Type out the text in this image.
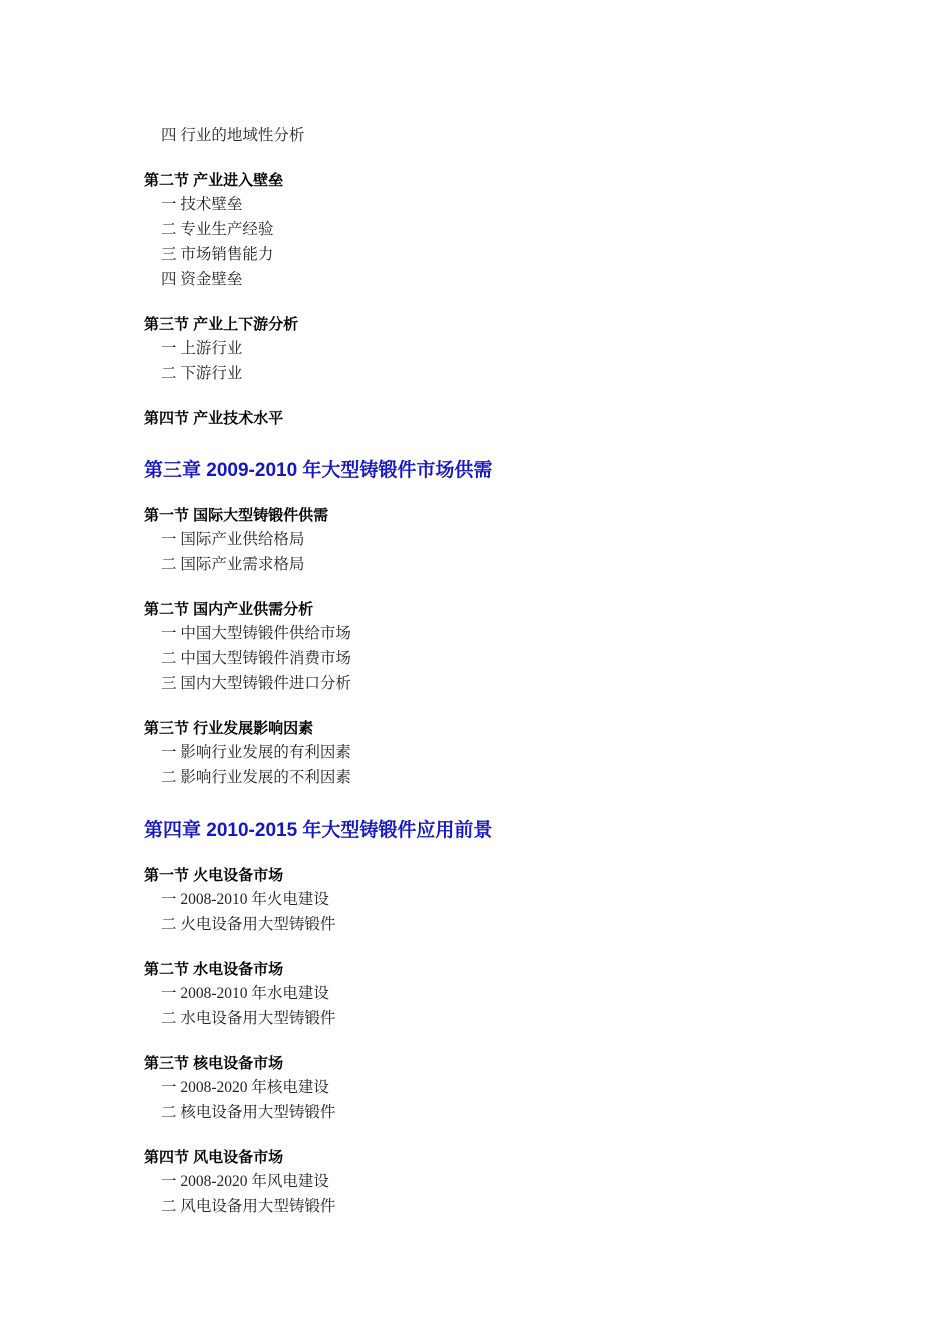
四 行业的地域性分析
第二节 产业进入壁垒
一 技术壁垒
二 专业生产经验
三 市场销售能力
四 资金壁垒
第三节 产业上下游分析
一 上游行业
二 下游行业
第四节 产业技术水平
第三章 2009-2010 年大型铸锻件市场供需
第一节 国际大型铸锻件供需
一 国际产业供给格局
二 国际产业需求格局
第二节 国内产业供需分析
一 中国大型铸锻件供给市场
二 中国大型铸锻件消费市场
三 国内大型铸锻件进口分析
第三节 行业发展影响因素
一 影响行业发展的有利因素
二 影响行业发展的不利因素
第四章 2010-2015 年大型铸锻件应用前景
第一节 火电设备市场
一 2008-2010 年火电建设
二 火电设备用大型铸锻件
第二节 水电设备市场
一 2008-2010 年水电建设
二 水电设备用大型铸锻件
第三节 核电设备市场
一 2008-2020 年核电建设
二 核电设备用大型铸锻件
第四节 风电设备市场
一 2008-2020 年风电建设
二 风电设备用大型铸锻件
